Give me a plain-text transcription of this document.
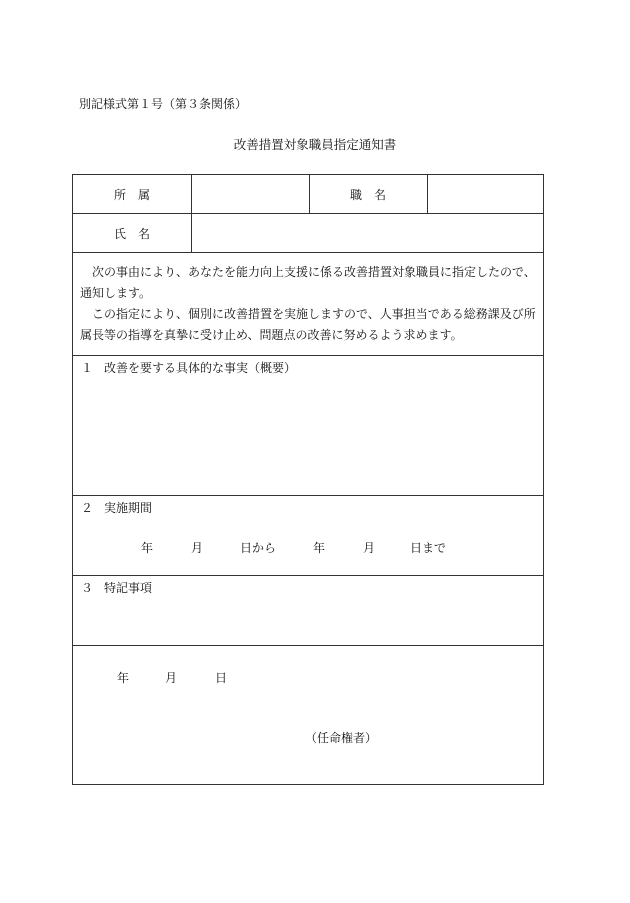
別記様式第１号（第３条関係）
改善措置対象職員指定通知書
所　属	職　名
氏　名
次の事由により、あなたを能力向上支援に係る改善措置対象職員に指定したので、
通知します。
この指定により、個別に改善措置を実施しますので、人事担当である総務課及び所
属長等の指導を真摯に受け止め、問題点の改善に努めるよう求めます。
１ 改善を要する具体的な事実（概要）
２ 実施期間
年	月	日から	年	月	日まで
３ 特記事項
年	月	日
（任命権者）
